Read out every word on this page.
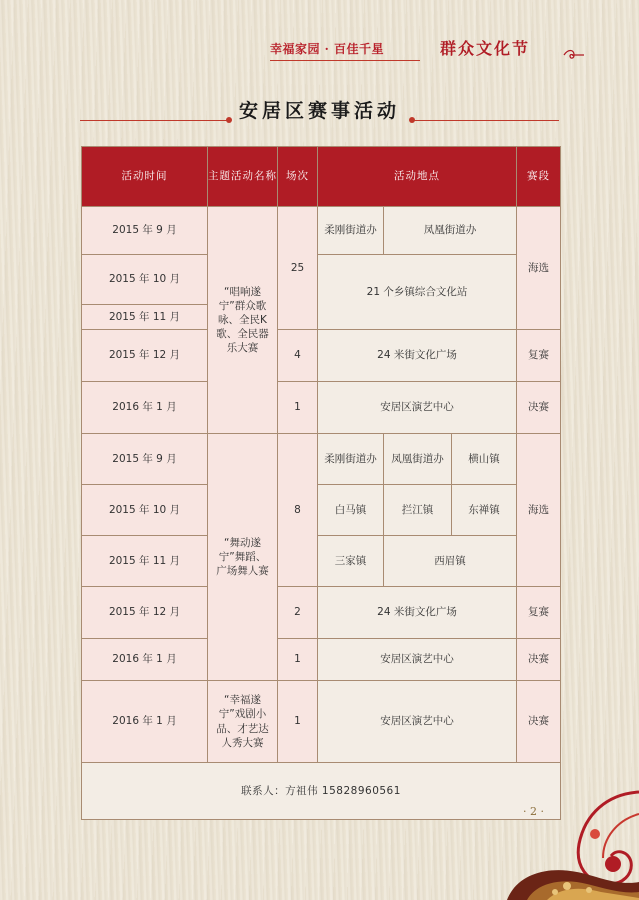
幸福家园 · 百佳千星	群众文化节
安居区赛事活动
活动时间	主题活动名称	场次	活动地点			赛段
2015 年 9 月	“唱响遂宁”群众歌咏、全民K歌、全民器乐大赛	25	柔刚街道办	凤凰街道办		海选
2015 年 10 月			21 个乡镇综合文化站			
2015 年 11 月						
2015 年 12 月		4	24 米街文化广场			复赛
2016 年 1 月		1	安居区演艺中心			决赛
2015 年 9 月	“舞动遂宁”舞蹈、广场舞人赛	8	柔刚街道办	凤凰街道办	横山镇	海选
2015 年 10 月			白马镇	拦江镇	东禅镇	
2015 年 11 月			三家镇	西眉镇		
2015 年 12 月		2	24 米街文化广场			复赛
2016 年 1 月		1	安居区演艺中心			决赛
2016 年 1 月	“幸福遂宁”戏剧小品、才艺达人秀大赛	1	安居区演艺中心			决赛
联系人：方祖伟 15828960561						
· 2 ·
